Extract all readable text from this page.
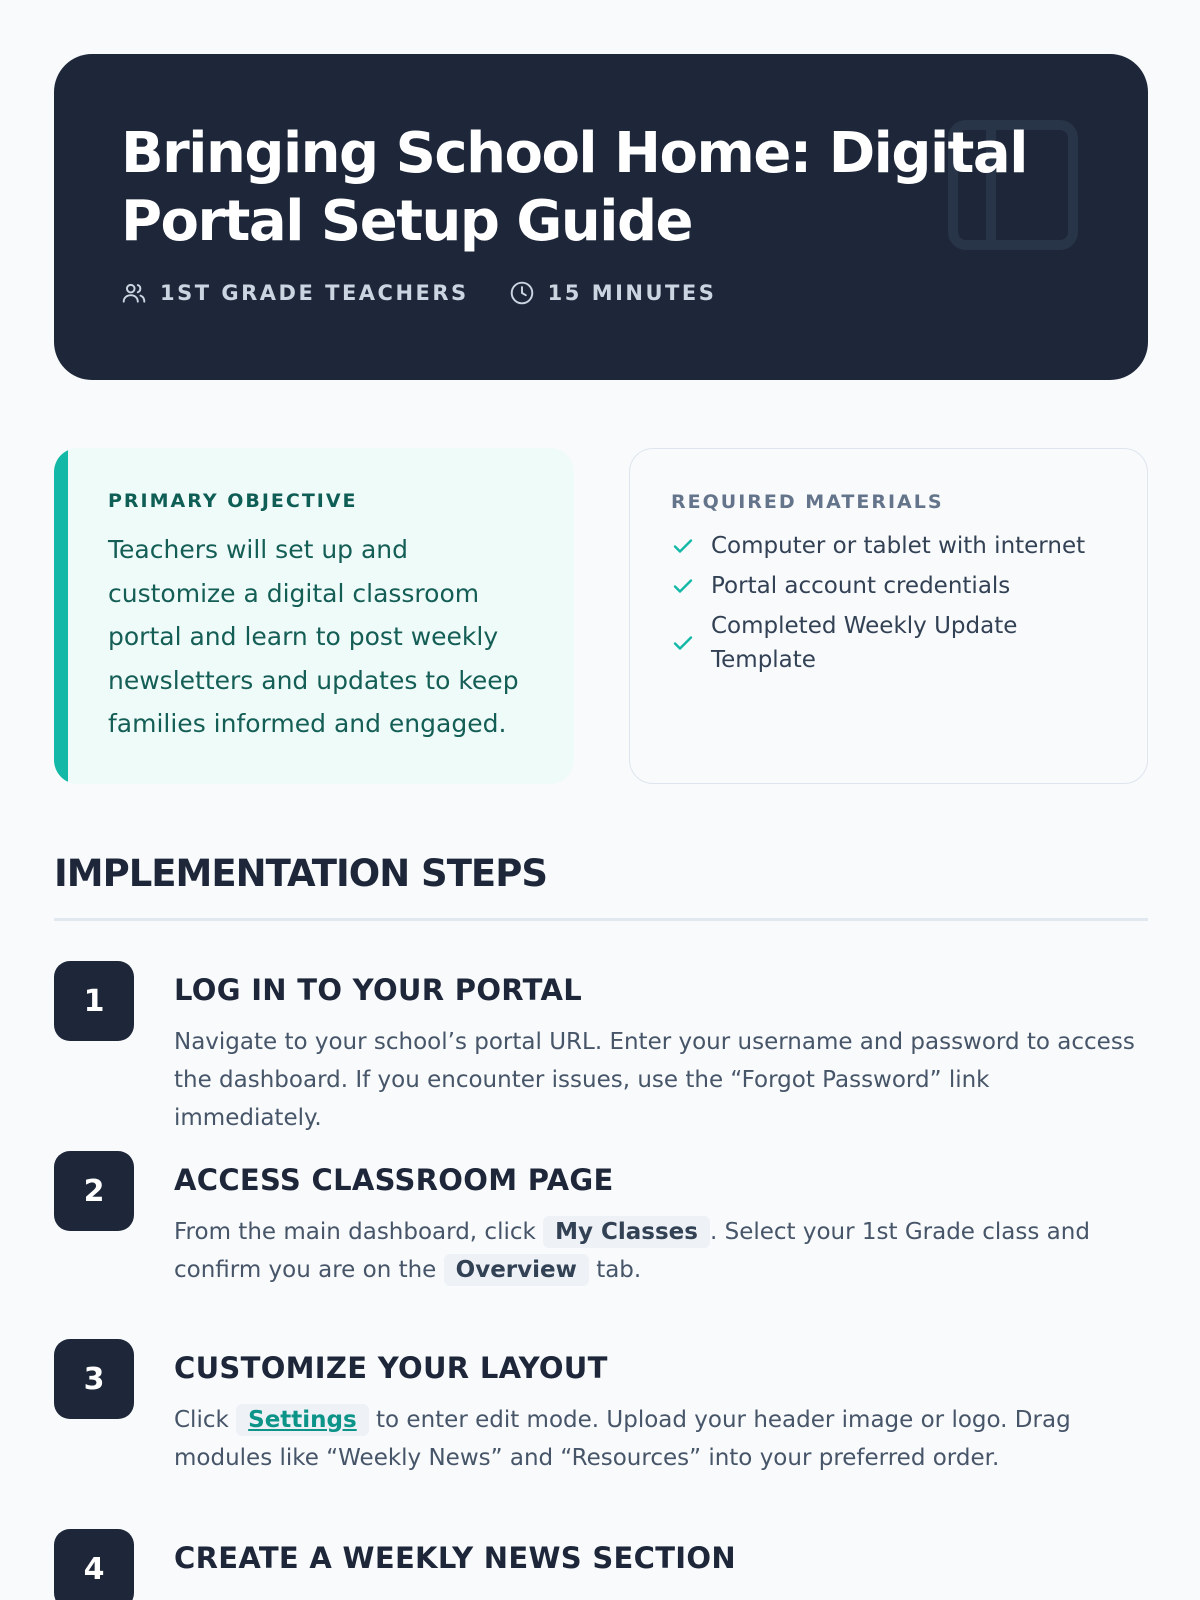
Bringing School Home: Digital Portal Setup Guide
1ST GRADE TEACHERS	15 MINUTES
PRIMARY OBJECTIVE

Teachers will set up and customize a digital classroom portal and learn to post weekly newsletters and updates to keep families informed and engaged.

REQUIRED MATERIALS
Computer or tablet with internet
Portal account credentials
Completed Weekly Update Template
IMPLEMENTATION STEPS
1	LOG IN TO YOUR PORTAL

Navigate to your school’s portal URL. Enter your username and password to access the dashboard. If you encounter issues, use the “Forgot Password” link immediately.

2	ACCESS CLASSROOM PAGE

From the main dashboard, click My Classes . Select your 1st Grade class and confirm you are on the Overview tab.

3	CUSTOMIZE YOUR LAYOUT

Click Settings to enter edit mode. Upload your header image or logo. Drag modules like “Weekly News” and “Resources” into your preferred order.

4	CREATE A WEEKLY NEWS SECTION
